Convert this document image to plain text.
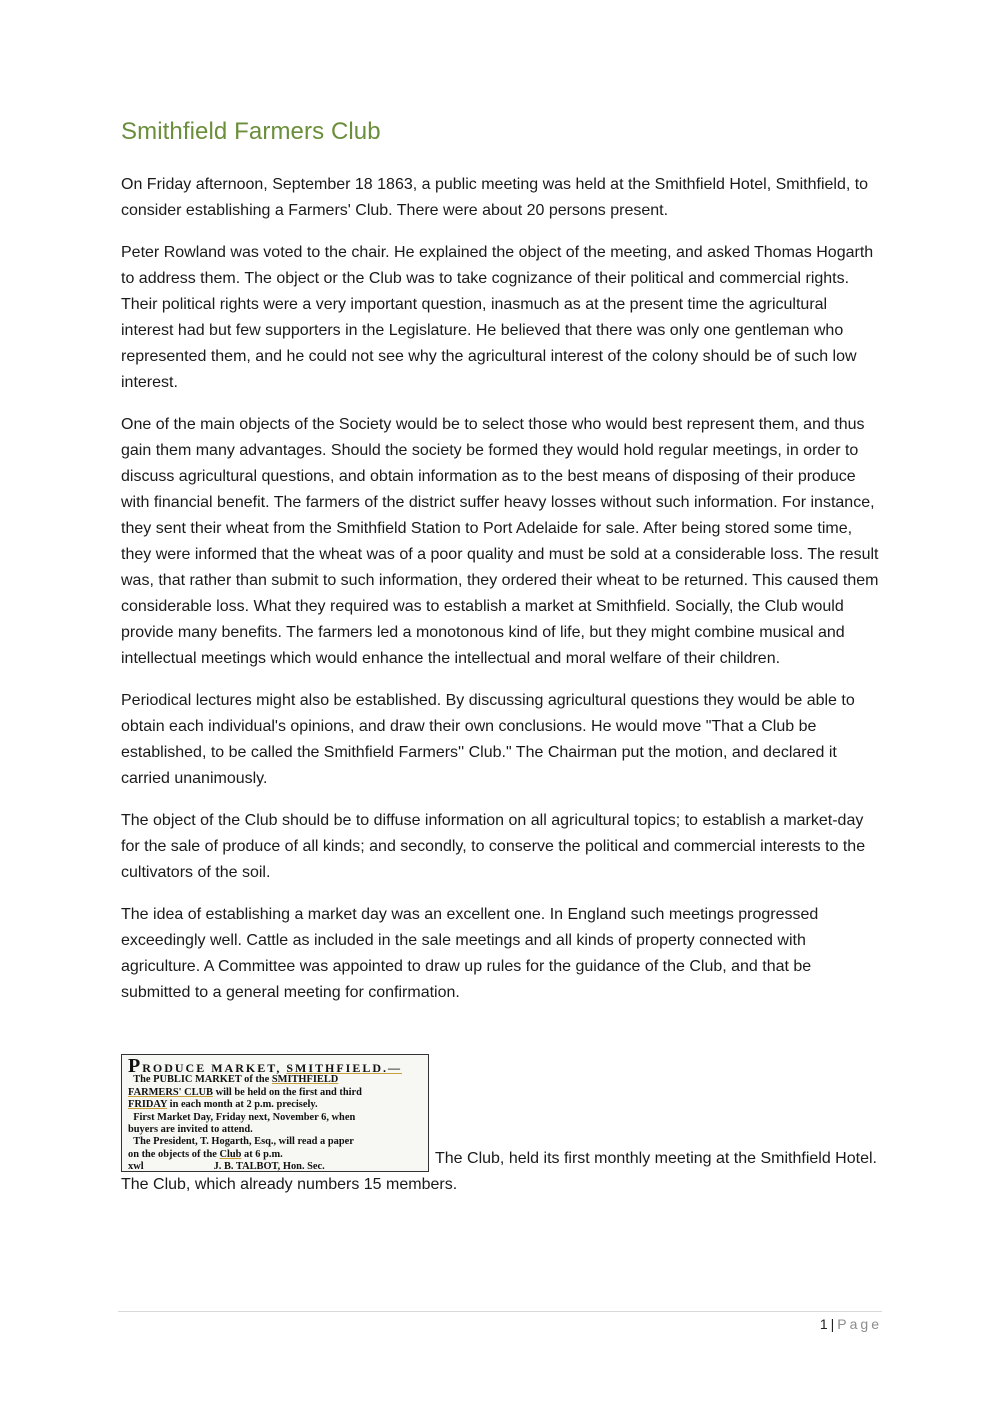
Smithfield Farmers Club

On Friday afternoon, September 18 1863, a public meeting was held at the Smithfield Hotel, Smithfield, to consider establishing a Farmers' Club. There were about 20 persons present.

Peter Rowland was voted to the chair. He explained the object of the meeting, and asked Thomas Hogarth to address them. The object or the Club was to take cognizance of their political and commercial rights. Their political rights were a very important question, inasmuch as at the present time the agricultural interest had but few supporters in the Legislature. He believed that there was only one gentleman who represented them, and he could not see why the agricultural interest of the colony should be of such low interest.

One of the main objects of the Society would be to select those who would best represent them, and thus gain them many advantages. Should the society be formed they would hold regular meetings, in order to discuss agricultural questions, and obtain information as to the best means of disposing of their produce with financial benefit. The farmers of the district suffer heavy losses without such information. For instance, they sent their wheat from the Smithfield Station to Port Adelaide for sale. After being stored some time, they were informed that the wheat was of a poor quality and must be sold at a considerable loss. The result was, that rather than submit to such information, they ordered their wheat to be returned. This caused them considerable loss. What they required was to establish a market at Smithfield. Socially, the Club would provide many benefits. The farmers led a monotonous kind of life, but they might combine musical and intellectual meetings which would enhance the intellectual and moral welfare of their children.

Periodical lectures might also be established. By discussing agricultural questions they would be able to obtain each individual's opinions, and draw their own conclusions. He would move "That a Club be established, to be called the Smithfield Farmers'' Club." The Chairman put the motion, and declared it carried unanimously.

The object of the Club should be to diffuse information on all agricultural topics; to establish a market-day for the sale of produce of all kinds; and secondly, to conserve the political and commercial interests to the cultivators of the soil.

The idea of establishing a market day was an excellent one. In England such meetings progressed exceedingly well. Cattle as included in the sale meetings and all kinds of property connected with agriculture. A Committee was appointed to draw up rules for the guidance of the Club, and that be submitted to a general meeting for confirmation.

PRODUCE MARKET, SMITHFIELD.—
The PUBLIC MARKET of the SMITHFIELD
FARMERS' CLUB will be held on the first and third
FRIDAY in each month at 2 p.m. precisely.
First Market Day, Friday next, November 6, when
buyers are invited to attend.
The President, T. Hogarth, Esq., will read a paper
on the objects of the Club at 6 p.m.
xwl	J. B. TALBOT, Hon. Sec.	The Club, held its first monthly meeting at the Smithfield Hotel. The Club, which already numbers 15 members.
1 | Page
